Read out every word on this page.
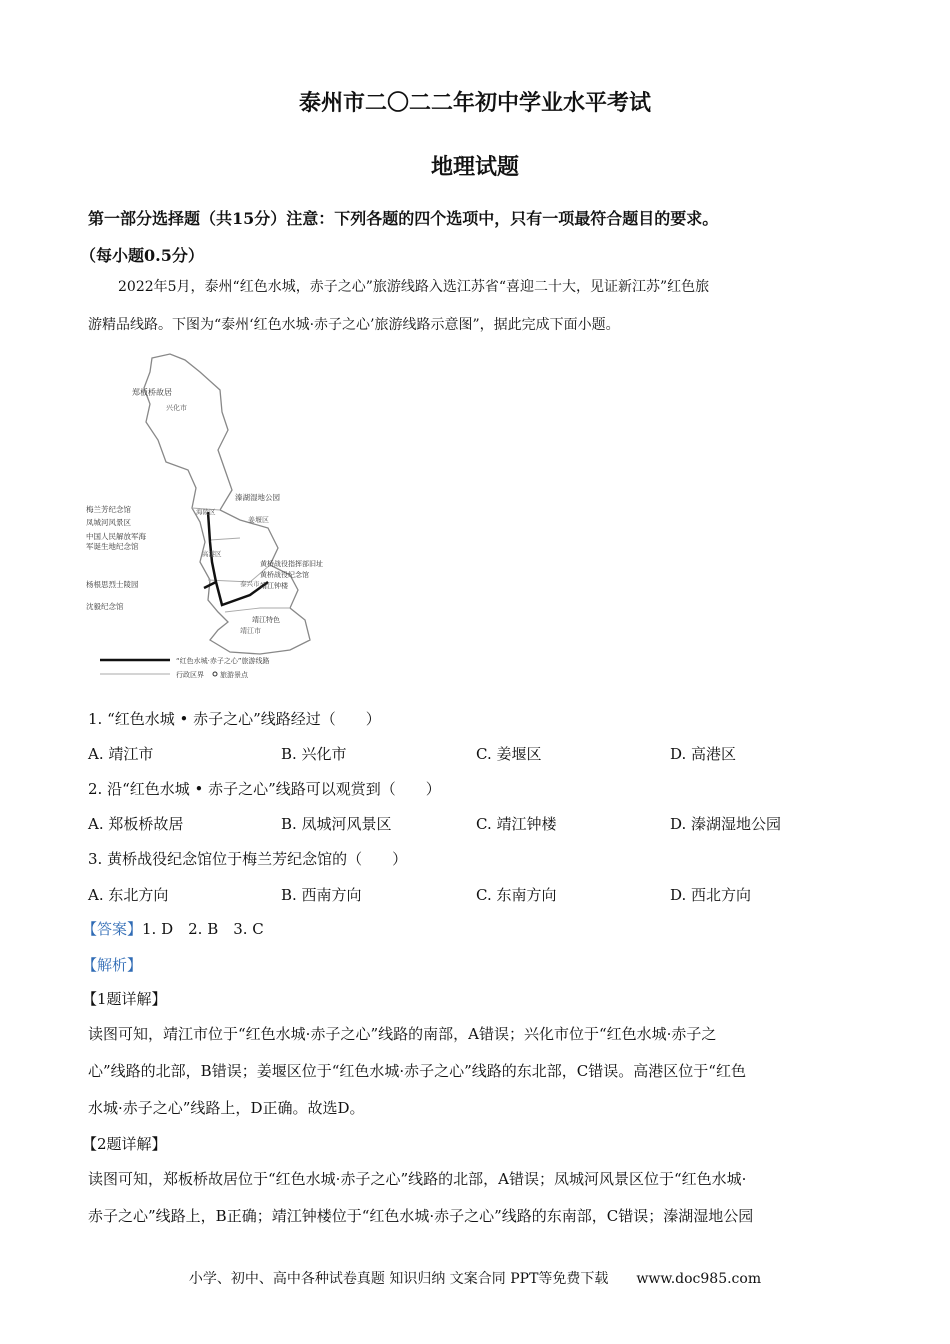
泰州市二〇二二年初中学业水平考试
地理试题
第一部分选择题（共15分）注意：下列各题的四个选项中，只有一项最符合题目的要求。
（每小题0.5分）
2022年5月，泰州“红色水城，赤子之心”旅游线路入选江苏省“喜迎二十大，见证新江苏”红色旅
游精品线路。下图为“泰州‘红色水城·赤子之心’旅游线路示意图”，据此完成下面小题。
郑板桥故居
兴化市
梅兰芳纪念馆
凤城河风景区
中国人民解放军海
军诞生地纪念馆
杨根思烈士陵园
沈毅纪念馆
溱湖湿地公园
姜堰区
海陵区
高港区
泰兴市
黄桥战役指挥部旧址
黄桥战役纪念馆
靖江钟楼
靖江市
靖江特色
“红色水城·赤子之心”旅游线路
行政区界 旅游景点
1. “红色水城 • 赤子之心”线路经过（　　）
A. 靖江市	B. 兴化市	C. 姜堰区	D. 高港区
2. 沿“红色水城 • 赤子之心”线路可以观赏到（　　）
A. 郑板桥故居	B. 凤城河风景区	C. 靖江钟楼	D. 溱湖湿地公园
3. 黄桥战役纪念馆位于梅兰芳纪念馆的（　　）
A. 东北方向	B. 西南方向	C. 东南方向	D. 西北方向
【答案】1. D　2. B　3. C
【解析】
【1题详解】
读图可知，靖江市位于“红色水城·赤子之心”线路的南部，A错误；兴化市位于“红色水城·赤子之
心”线路的北部，B错误；姜堰区位于“红色水城·赤子之心”线路的东北部，C错误。高港区位于“红色
水城·赤子之心”线路上，D正确。故选D。
【2题详解】
读图可知，郑板桥故居位于“红色水城·赤子之心”线路的北部，A错误；凤城河风景区位于“红色水城·
赤子之心”线路上，B正确；靖江钟楼位于“红色水城·赤子之心”线路的东南部，C错误；溱湖湿地公园
小学、初中、高中各种试卷真题 知识归纳 文案合同 PPT等免费下载　　www.doc985.com
